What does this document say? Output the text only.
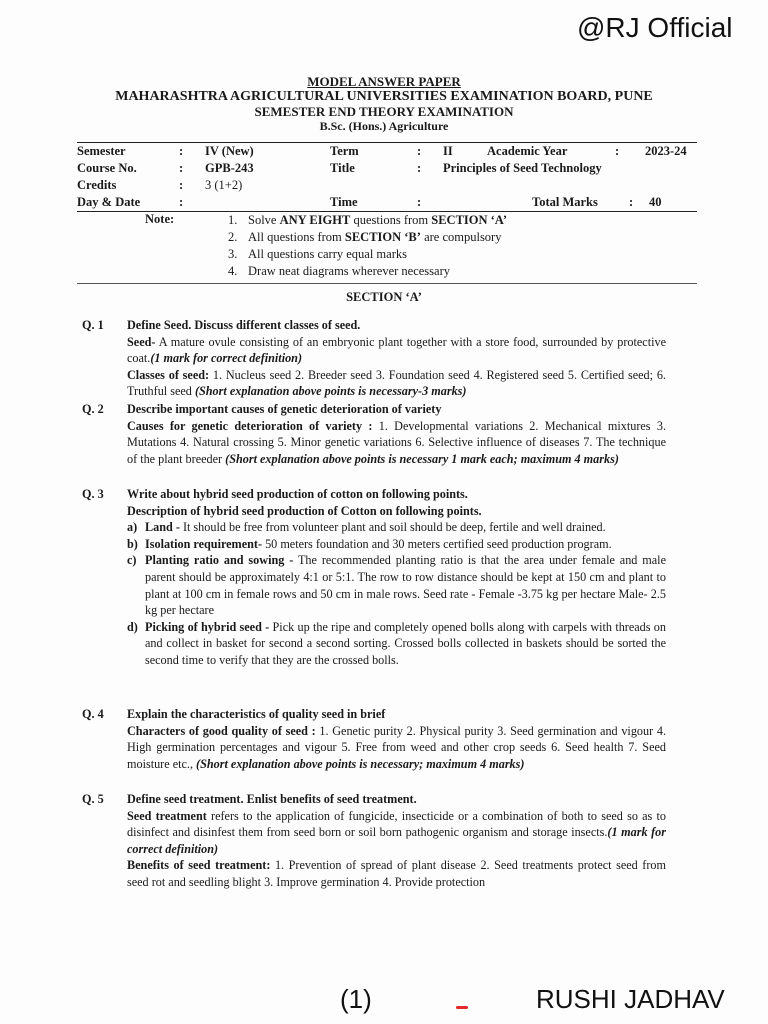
@RJ Official
MODEL ANSWER PAPER
MAHARASHTRA AGRICULTURAL UNIVERSITIES EXAMINATION BOARD, PUNE
SEMESTER END THEORY EXAMINATION
B.Sc. (Hons.) Agriculture
Semester	: IV (New)	Term	: II	Academic Year	: 2023-24
Course No.	: GPB-243	Title	: Principles of Seed Technology
Credits	: 3 (1+2)
Day & Date	:	Time	:	Total Marks : 40
Note:	1. Solve ANY EIGHT questions from SECTION ‘A’
2. All questions from SECTION ‘B’ are compulsory
3. All questions carry equal marks
4. Draw neat diagrams wherever necessary
SECTION ‘A’
Q. 1 Define Seed. Discuss different classes of seed.
Seed- A mature ovule consisting of an embryonic plant together with a store food, surrounded by protective coat.(1 mark for correct definition)
Classes of seed: 1. Nucleus seed 2. Breeder seed 3. Foundation seed 4. Registered seed 5. Certified seed; 6. Truthful seed (Short explanation above points is necessary-3 marks)
Q. 2 Describe important causes of genetic deterioration of variety
Causes for genetic deterioration of variety : 1. Developmental variations 2. Mechanical mixtures 3. Mutations 4. Natural crossing 5. Minor genetic variations 6. Selective influence of diseases 7. The technique of the plant breeder (Short explanation above points is necessary 1 mark each; maximum 4 marks)
Q. 3 Write about hybrid seed production of cotton on following points.
Description of hybrid seed production of Cotton on following points.
a) Land - It should be free from volunteer plant and soil should be deep, fertile and well drained.
b) Isolation requirement- 50 meters foundation and 30 meters certified seed production program.
c) Planting ratio and sowing - The recommended planting ratio is that the area under female and male parent should be approximately 4:1 or 5:1. The row to row distance should be kept at 150 cm and plant to plant at 100 cm in female rows and 50 cm in male rows. Seed rate - Female -3.75 kg per hectare Male- 2.5 kg per hectare
d) Picking of hybrid seed - Pick up the ripe and completely opened bolls along with carpels with threads on and collect in basket for second a second sorting. Crossed bolls collected in baskets should be sorted the second time to verify that they are the crossed bolls.
Q. 4 Explain the characteristics of quality seed in brief
Characters of good quality of seed : 1. Genetic purity 2. Physical purity 3. Seed germination and vigour 4. High germination percentages and vigour 5. Free from weed and other crop seeds 6. Seed health 7. Seed moisture etc., (Short explanation above points is necessary; maximum 4 marks)
Q. 5 Define seed treatment. Enlist benefits of seed treatment.
Seed treatment refers to the application of fungicide, insecticide or a combination of both to seed so as to disinfect and disinfest them from seed born or soil born pathogenic organism and storage insects.(1 mark for correct definition)
Benefits of seed treatment: 1. Prevention of spread of plant disease 2. Seed treatments protect seed from seed rot and seedling blight 3. Improve germination 4. Provide protection
(1)	RUSHI JADHAV
